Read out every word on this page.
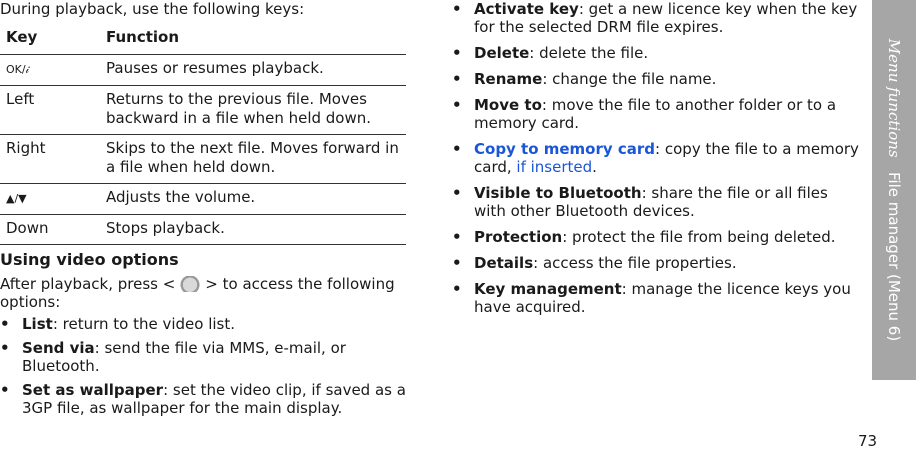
During playback, use the following keys:
Key	Function
OK/𝒾	Pauses or resumes playback.
Left	Returns to the previous file. Moves backward in a file when held down.
Right	Skips to the next file. Moves forward in a file when held down.
▲/▼	Adjusts the volume.
Down	Stops playback.
Using video options
After playback, press < > to access the following options:
• List: return to the video list.
• Send via: send the file via MMS, e-mail, or Bluetooth.
• Set as wallpaper: set the video clip, if saved as a 3GP file, as wallpaper for the main display.
• Activate key: get a new licence key when the key for the selected DRM file expires.
• Delete: delete the file.
• Rename: change the file name.
• Move to: move the file to another folder or to a memory card.
• Copy to memory card: copy the file to a memory card, if inserted.
• Visible to Bluetooth: share the file or all files with other Bluetooth devices.
• Protection: protect the file from being deleted.
• Details: access the file properties.
• Key management: manage the licence keys you have acquired.
Menu functions   File manager (Menu 6)
73
